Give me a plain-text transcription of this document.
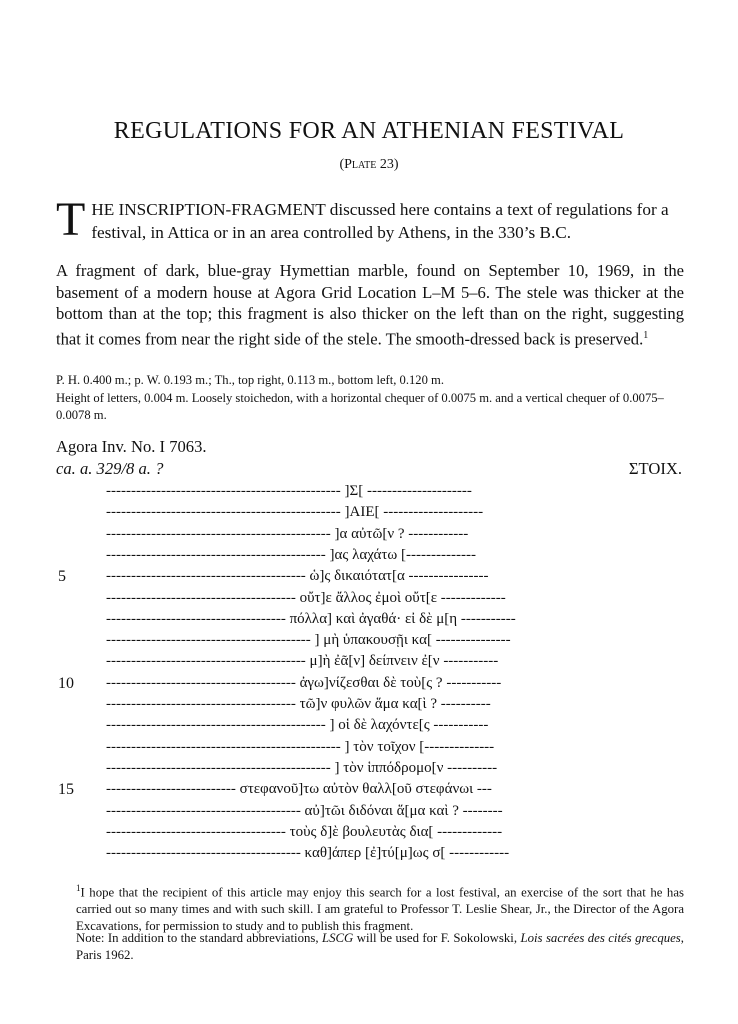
REGULATIONS FOR AN ATHENIAN FESTIVAL
(Plate 23)
THE INSCRIPTION-FRAGMENT discussed here contains a text of regulations for a festival, in Attica or in an area controlled by Athens, in the 330’s B.C.
A fragment of dark, blue-gray Hymettian marble, found on September 10, 1969, in the basement of a modern house at Agora Grid Location L–M 5–6. The stele was thicker at the bottom than at the top; this fragment is also thicker on the left than on the right, suggesting that it comes from near the right side of the stele. The smooth-dressed back is preserved.$^1$
P. H. 0.400 m.; p. W. 0.193 m.; Th., top right, 0.113 m., bottom left, 0.120 m.
Height of letters, 0.004 m. Loosely stoichedon, with a horizontal chequer of 0.0075 m. and a vertical chequer of 0.0075–0.0078 m.
Agora Inv. No. I 7063.
ca. a. 329/8 a. ?	ΣTOIX.
----------------------------------------------- ]Σ[ ---------------------
----------------------------------------------- ]AIE[ --------------------
--------------------------------------------- ]α αὐτῶ[ν ? ------------
-------------------------------------------- ]ας λαχάτω [--------------
5	---------------------------------------- ὡ]ς δικαιότατ[α ----------------
-------------------------------------- οὔτ]ε ἄλλος ἐμοὶ οὔτ[ε -------------
------------------------------------ πόλλα] καὶ ἀγαθά· εἰ δὲ μ[η -----------
----------------------------------------- ] μὴ ὑπακουσῇι κα[ ---------------
---------------------------------------- μ]ὴ ἐᾶ[ν] δείπνειν ἐ[ν -----------
10 -------------------------------------- ἀγω]νίζεσθαι δὲ τοὺ[ς ? -----------
-------------------------------------- τῶ]ν φυλῶν ἅμα κα[ὶ ? ----------
-------------------------------------------- ] οἱ δὲ λαχόντε[ς -----------
----------------------------------------------- ] τὸν τοῖχον [--------------
--------------------------------------------- ] τὸν ἱππόδρομο[ν ----------
15 -------------------------- στεφανοῦ]τω αὐτὸν θαλλ[οῦ στεφάνωι ---
--------------------------------------- αὐ]τῶι διδόναι ἅ[μα καὶ ? --------
------------------------------------ τοὺς δ]ὲ βουλευτὰς δια[ -------------
--------------------------------------- καθ]άπερ [ἐ]τύ[μ]ως σ[ ------------
$^1$I hope that the recipient of this article may enjoy this search for a lost festival, an exercise of the sort that he has carried out so many times and with such skill. I am grateful to Professor T. Leslie Shear, Jr., the Director of the Agora Excavations, for permission to study and to publish this fragment.
Note: In addition to the standard abbreviations, LSCG will be used for F. Sokolowski, Lois sacrées des cités grecques, Paris 1962.
